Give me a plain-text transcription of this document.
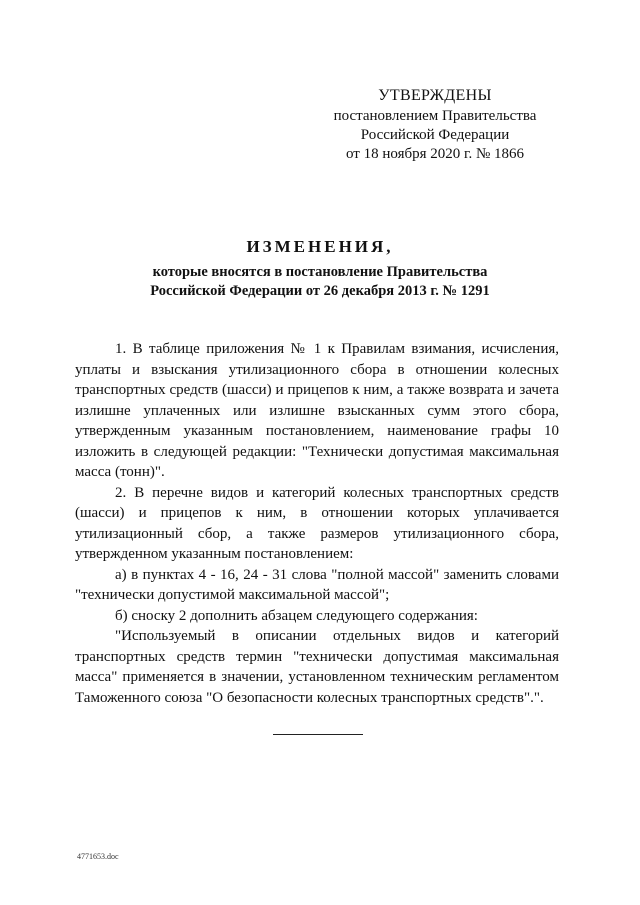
УТВЕРЖДЕНЫ
постановлением Правительства
Российской Федерации
от 18 ноября 2020 г. № 1866
ИЗМЕНЕНИЯ,
которые вносятся в постановление Правительства
Российской Федерации от 26 декабря 2013 г. № 1291

1. В таблице приложения № 1 к Правилам взимания, исчисления, уплаты и взыскания утилизационного сбора в отношении колесных транспортных средств (шасси) и прицепов к ним, а также возврата и зачета излишне уплаченных или излишне взысканных сумм этого сбора, утвержденным указанным постановлением, наименование графы 10 изложить в следующей редакции: "Технически допустимая максимальная масса (тонн)".

2. В перечне видов и категорий колесных транспортных средств (шасси) и прицепов к ним, в отношении которых уплачивается утилизационный сбор, а также размеров утилизационного сбора, утвержденном указанным постановлением:

а) в пунктах 4 - 16, 24 - 31 слова "полной массой" заменить словами "технически допустимой максимальной массой";

б) сноску 2 дополнить абзацем следующего содержания:

"Используемый в описании отдельных видов и категорий транспортных средств термин "технически допустимая максимальная масса" применяется в значении, установленном техническим регламентом Таможенного союза "О безопасности колесных транспортных средств".".

4771653.doc
